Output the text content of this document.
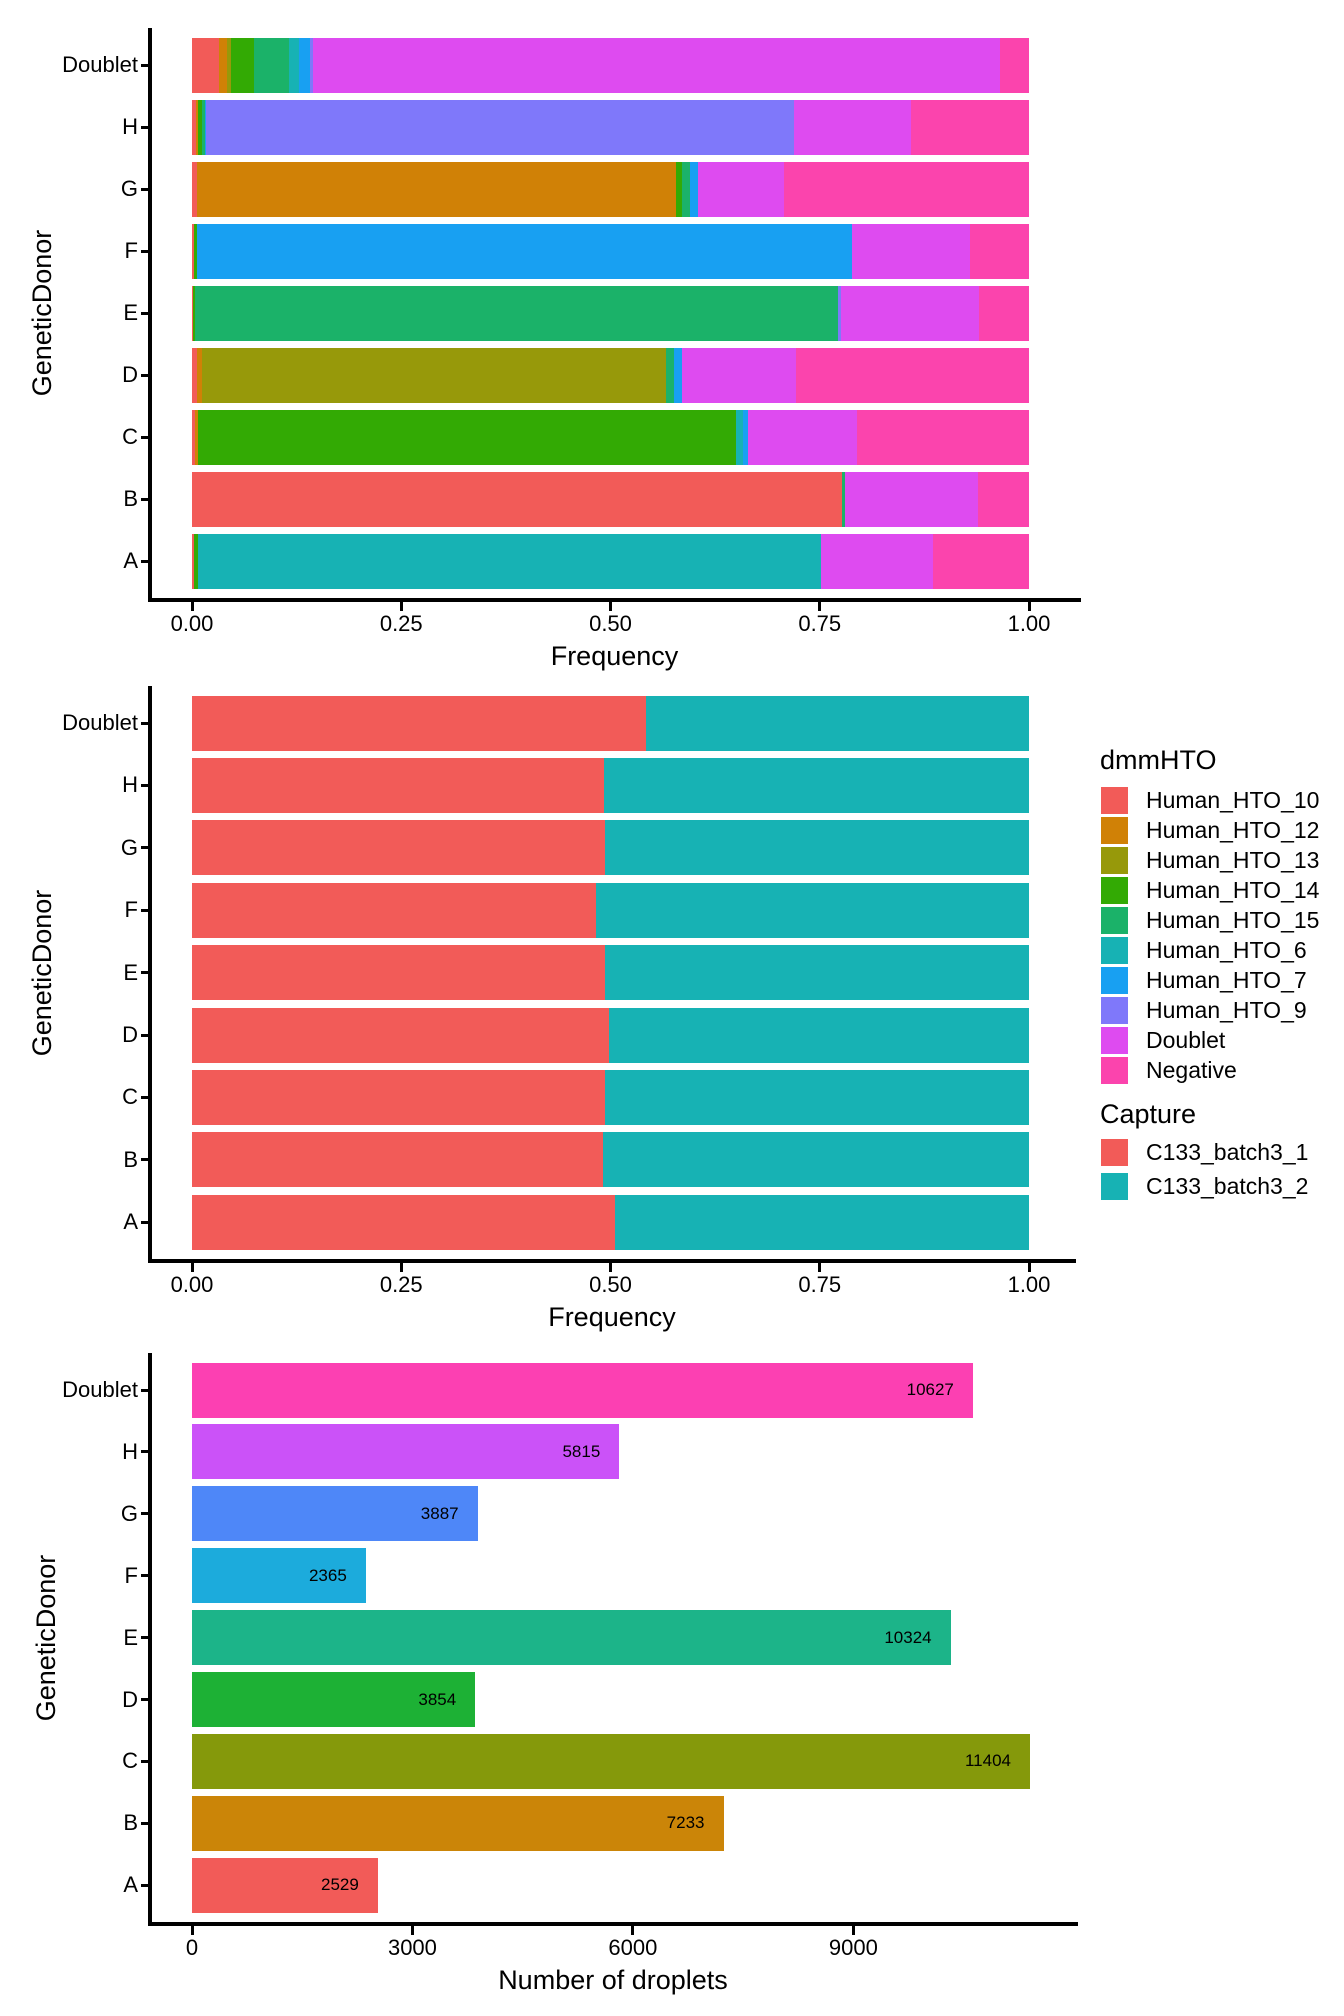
GeneticDonor
Doublet
H
G
F
E
D
C
B
A
0.00	0.25	0.50	0.75	1.00
Frequency
GeneticDonor
Doublet
H
G
F
E
D
C
B
A
0.00	0.25	0.50	0.75	1.00
Frequency
GeneticDonor
Doublet	10627
H	5815
G	3887
F	2365
E	10324
D	3854
C	11404
B	7233
A	2529
0	3000	6000	9000
Number of droplets
dmmHTO
Human_HTO_10
Human_HTO_12
Human_HTO_13
Human_HTO_14
Human_HTO_15
Human_HTO_6
Human_HTO_7
Human_HTO_9
Doublet
Negative
Capture
C133_batch3_1
C133_batch3_2
